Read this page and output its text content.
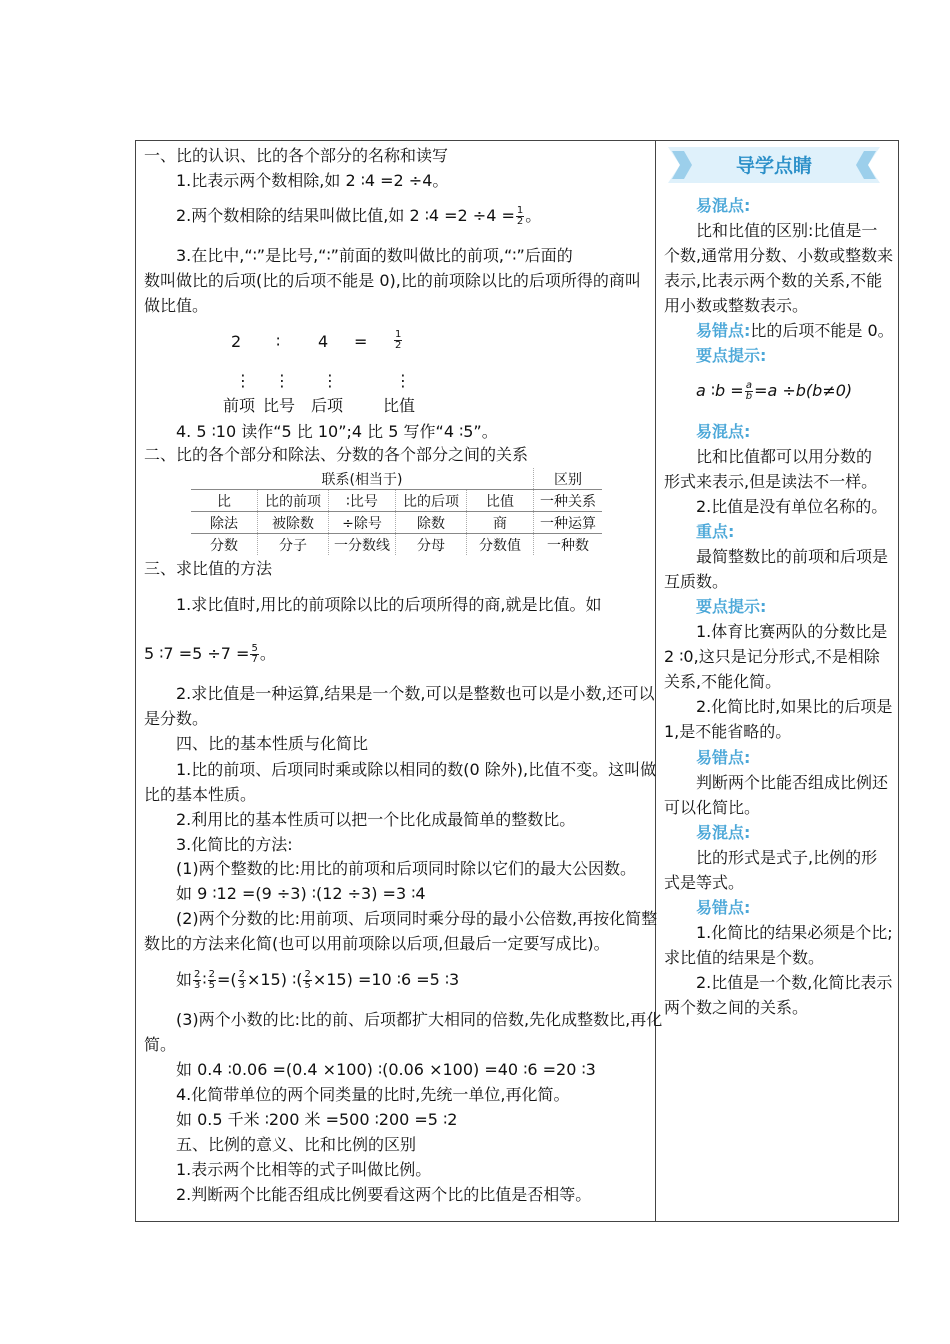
一、比的认识、比的各个部分的名称和读写
1.比表示两个数相除,如 2 ∶4 =2 ÷4。
2.两个数相除的结果叫做比值,如 2 ∶4 $=2 \div 4 = \frac{1}{2}$ 。
3.在比中,“∶”是比号,“∶”前面的数叫做比的前项,“∶”后面的
数叫做比的后项(比的后项不能是 0),比的前项除以比的后项所得的商叫
做比值。
2 ∶ 4 =	$\frac{1}{2}$
⋮ ⋮ ⋮	⋮
前项 比号 后项 比值
4. 5 ∶10 读作“5 比 10”;4 比 5 写作“4 ∶5”。
二、比的各个部分和除法、分数的各个部分之间的关系
联系(相当于)					区别
比	比的前项	∶比号	比的后项	比值	一种关系
除法	被除数	÷除号	除数	商	一种运算
分数	分子	一分数线	分母	分数值	一种数
三、求比值的方法
1.求比值时,用比的前项除以比的后项所得的商,就是比值。如
5 ∶7 $=5 \div 7 = \frac{5}{7}$ 。
2.求比值是一种运算,结果是一个数,可以是整数也可以是小数,还可以
是分数。
四、比的基本性质与化简比
1.比的前项、后项同时乘或除以相同的数(0 除外),比值不变。这叫做
比的基本性质。
2.利用比的基本性质可以把一个比化成最简单的整数比。
3.化简比的方法:
(1)两个整数的比:用比的前项和后项同时除以它们的最大公因数。
如 9 ∶12 =(9 ÷3) ∶(12 ÷3) =3 ∶4
(2)两个分数的比:用前项、后项同时乘分母的最小公倍数,再按化简整
数比的方法来化简(也可以用前项除以后项,但最后一定要写成比)。
如 $\frac{2}{3}$ ∶ $\frac{2}{5}$ =( $\frac{2}{3} \times 15$) ∶( $\frac{2}{5} \times 15) =10$ ∶6 =5 ∶3
(3)两个小数的比:比的前、后项都扩大相同的倍数,先化成整数比,再化
简。
如 0.4 ∶0.06 =(0.4 ×100) ∶(0.06 ×100) =40 ∶6 =20 ∶3
4.化简带单位的两个同类量的比时,先统一单位,再化简。
如 0.5 千米 ∶200 米 =500 ∶200 =5 ∶2
五、比例的意义、比和比例的区别
1.表示两个比相等的式子叫做比例。
2.判断两个比能否组成比例要看这两个比的比值是否相等。
导学点睛
易混点:
比和比值的区别:比值是一
个数,通常用分数、小数或整数来
表示,比表示两个数的关系,不能
用小数或整数表示。
易错点:比的后项不能是 0。
要点提示:
a ∶b = $\frac{a}{b} =a \div b(b\ne 0)$
易混点:
比和比值都可以用分数的
形式来表示,但是读法不一样。
2.比值是没有单位名称的。
重点:
最简整数比的前项和后项是
互质数。
要点提示:
1.体育比赛两队的分数比是
2 ∶0,这只是记分形式,不是相除
关系,不能化简。
2.化简比时,如果比的后项是
1,是不能省略的。
易错点:
判断两个比能否组成比例还
可以化简比。
易混点:
比的形式是式子,比例的形
式是等式。
易错点:
1.化简比的结果必须是个比;
求比值的结果是个数。
2.比值是一个数,化简比表示
两个数之间的关系。
